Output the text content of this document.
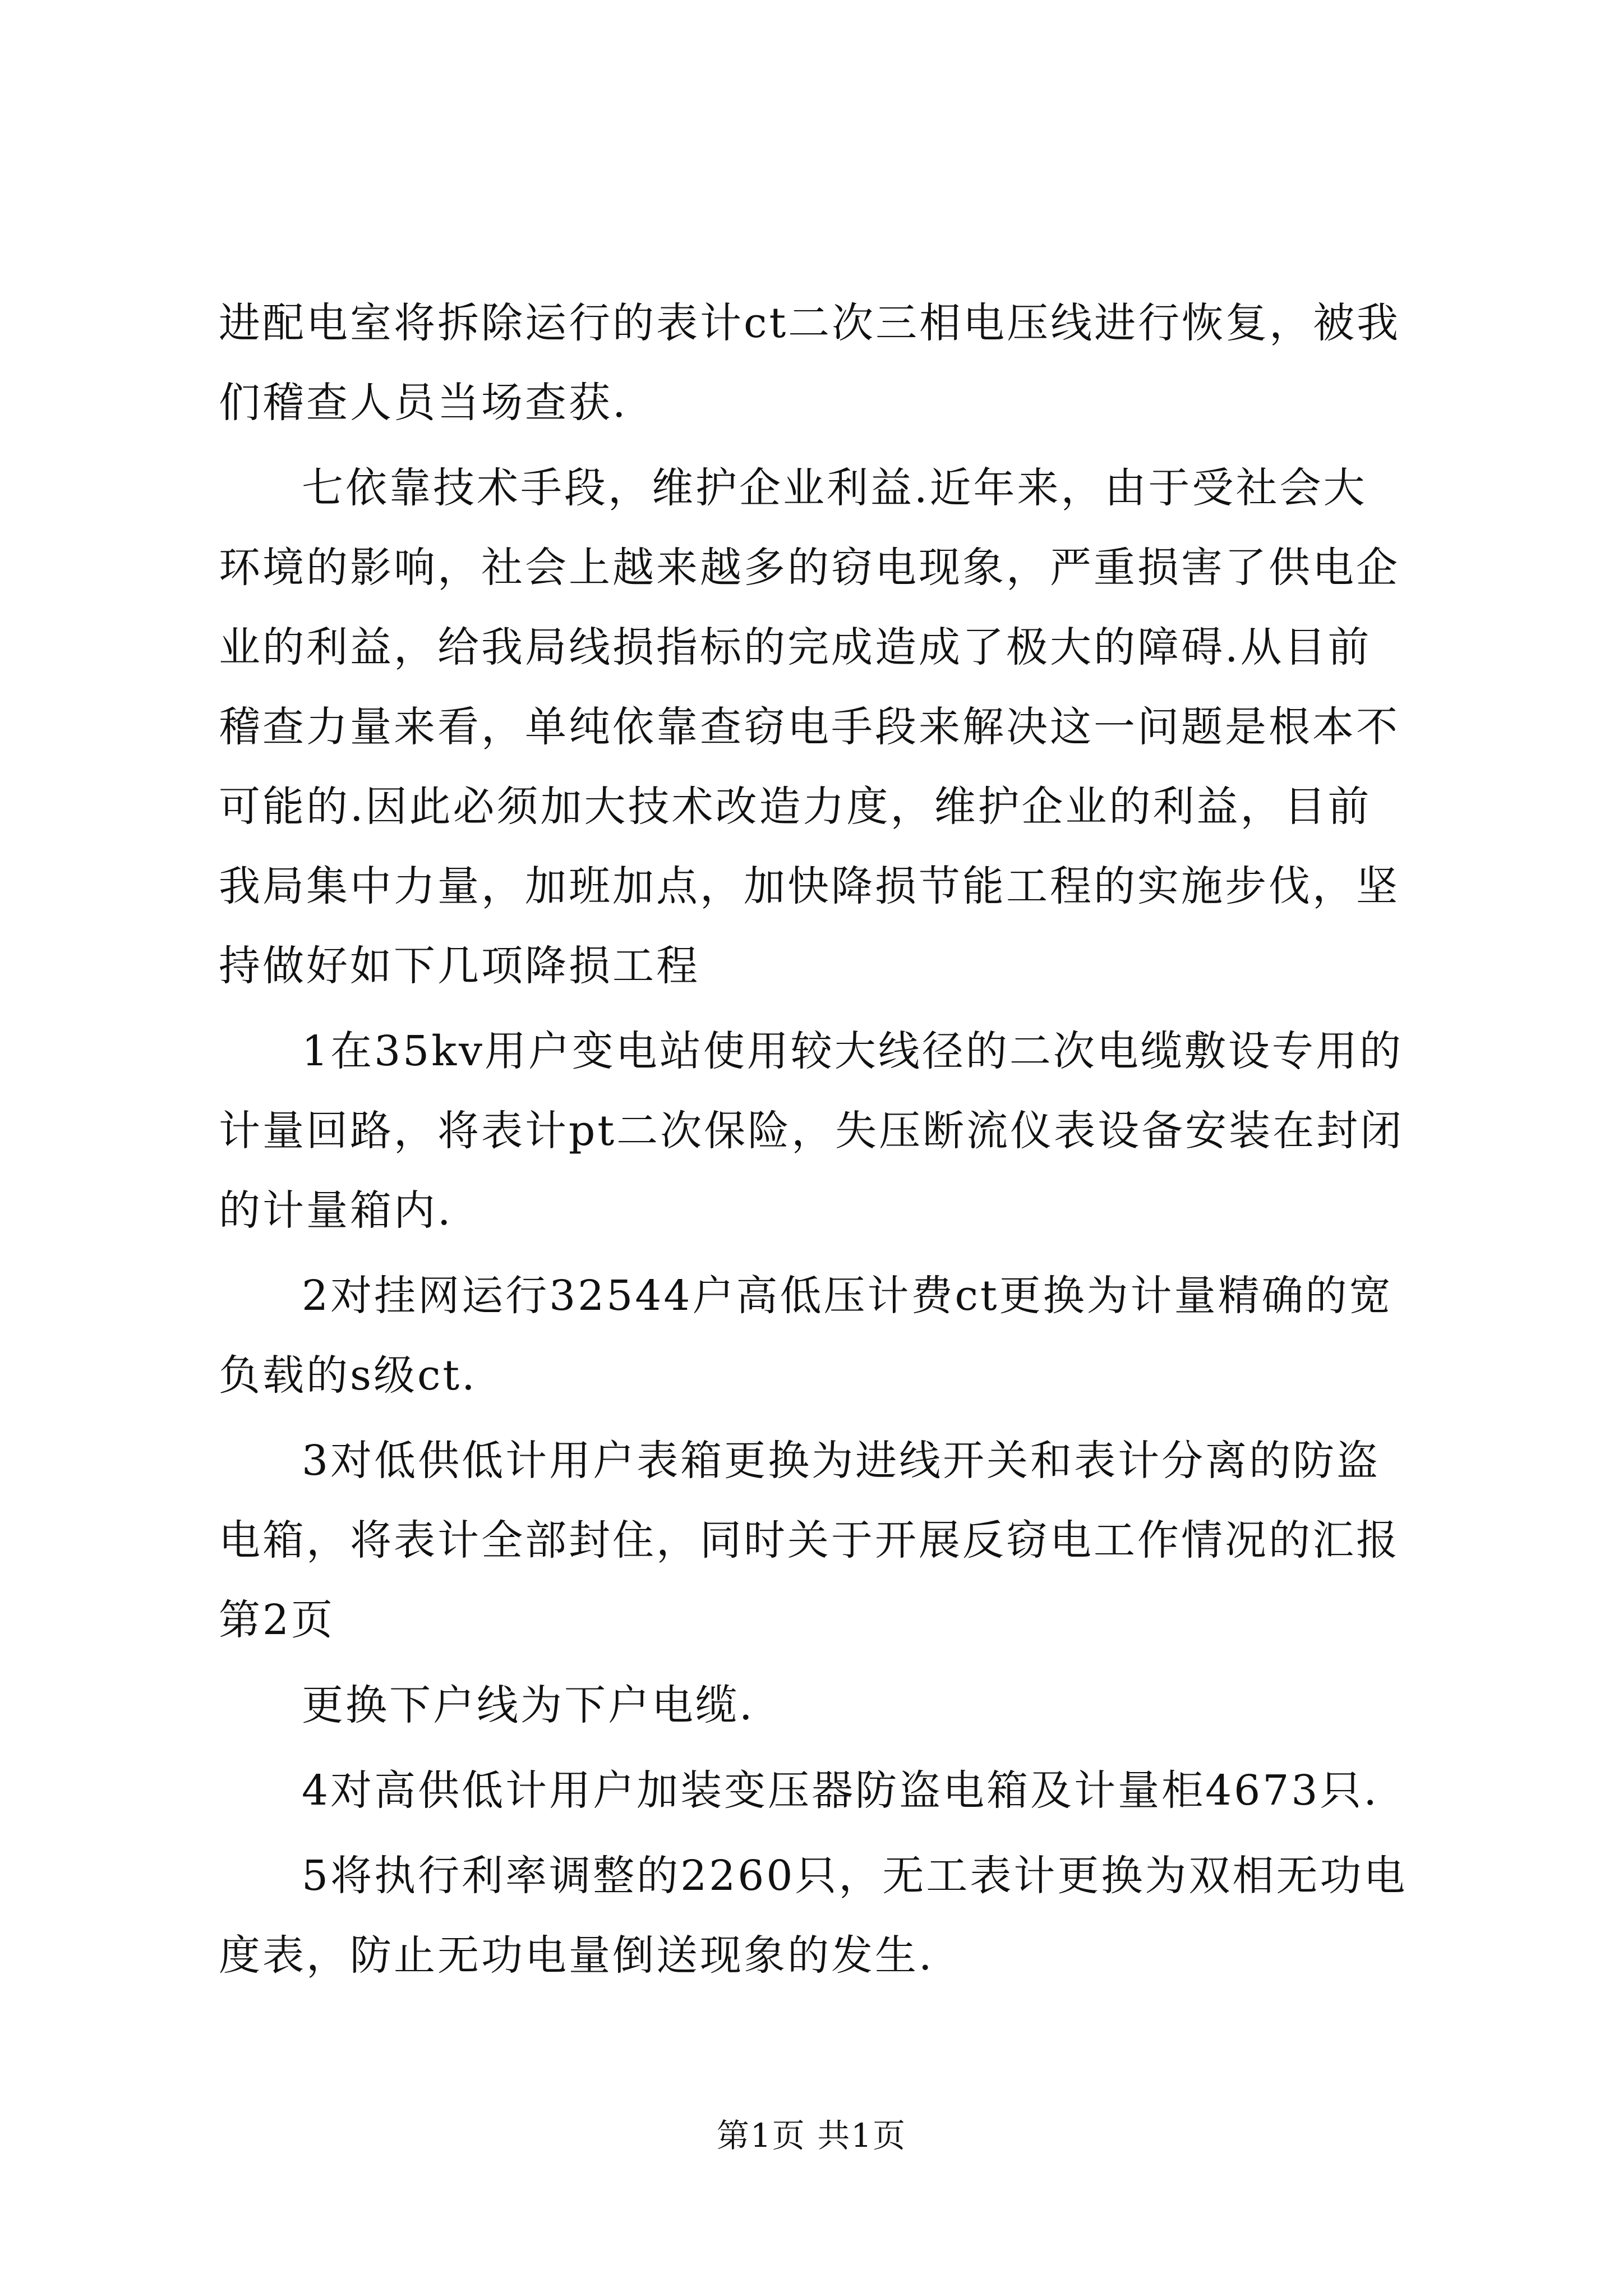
进配电室将拆除运行的表计ct二次三相电压线进行恢复，被我们稽查人员当场查获.

七依靠技术手段，维护企业利益.近年来，由于受社会大环境的影响，社会上越来越多的窃电现象，严重损害了供电企业的利益，给我局线损指标的完成造成了极大的障碍.从目前稽查力量来看，单纯依靠查窃电手段来解决这一问题是根本不可能的.因此必须加大技术改造力度，维护企业的利益，目前我局集中力量，加班加点，加快降损节能工程的实施步伐，坚持做好如下几项降损工程

1在35kv用户变电站使用较大线径的二次电缆敷设专用的计量回路，将表计pt二次保险，失压断流仪表设备安装在封闭的计量箱内.

2对挂网运行32544户高低压计费ct更换为计量精确的宽负载的s级ct.

3对低供低计用户表箱更换为进线开关和表计分离的防盗电箱，将表计全部封住，同时关于开展反窃电工作情况的汇报第2页

更换下户线为下户电缆.

4对高供低计用户加装变压器防盗电箱及计量柜4673只.

5将执行利率调整的2260只，无工表计更换为双相无功电度表，防止无功电量倒送现象的发生.

第1页 共1页
